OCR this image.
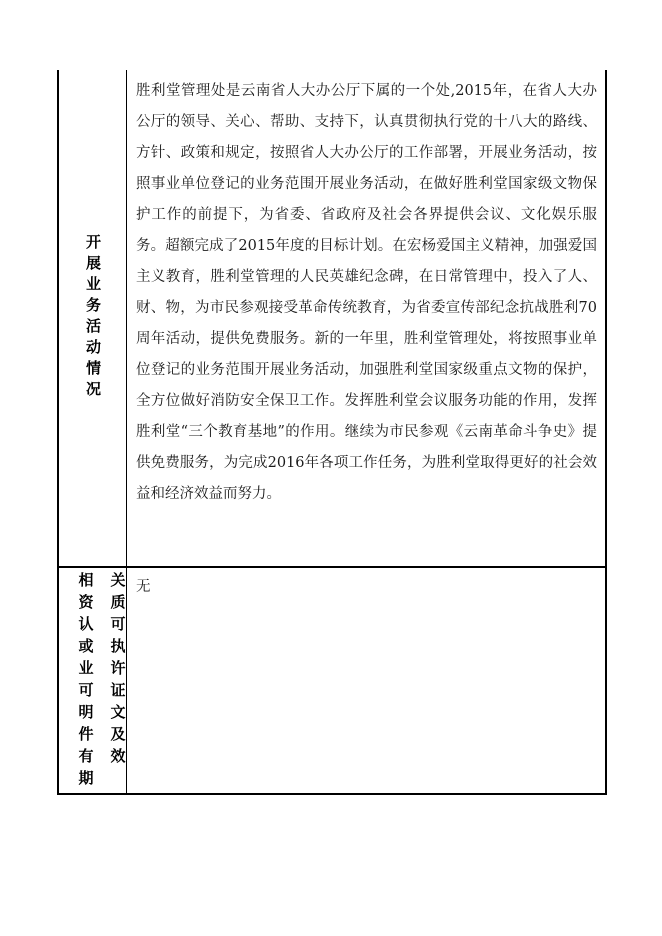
开展业务活动情况

胜利堂管理处是云南省人大办公厅下属的一个处,2015年，在省人大办公厅的领导、关心、帮助、支持下，认真贯彻执行党的十八大的路线、方针、政策和规定，按照省人大办公厅的工作部署，开展业务活动，按照事业单位登记的业务范围开展业务活动，在做好胜利堂国家级文物保护工作的前提下，为省委、省政府及社会各界提供会议、文化娱乐服务。超额完成了2015年度的目标计划。在宏杨爱国主义精神，加强爱国主义教育，胜利堂管理的人民英雄纪念碑，在日常管理中，投入了人、财、物，为市民参观接受革命传统教育，为省委宣传部纪念抗战胜利70周年活动，提供免费服务。新的一年里，胜利堂管理处，将按照事业单位登记的业务范围开展业务活动，加强胜利堂国家级重点文物的保护，全方位做好消防安全保卫工作。发挥胜利堂会议服务功能的作用，发挥胜利堂“三个教育基地”的作用。继续为市民参观《云南革命斗争史》提供免费服务，为完成2016年各项工作任务，为胜利堂取得更好的社会效益和经济效益而努力。

关质可执许证文及效
相资认或业可明件有期	无
